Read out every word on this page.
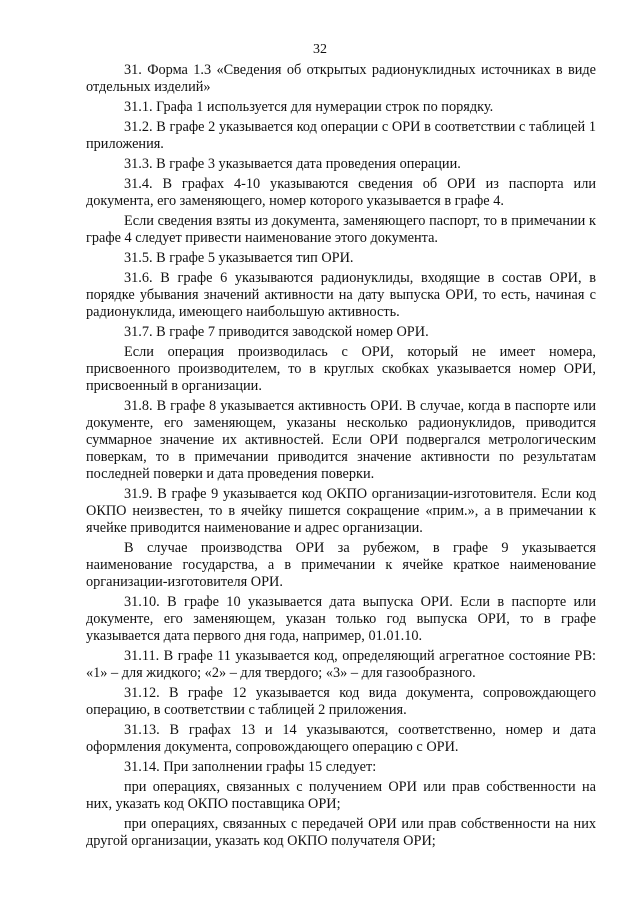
32

31. Форма 1.3 «Сведения об открытых радионуклидных источниках в виде отдельных изделий»

31.1. Графа 1 используется для нумерации строк по порядку.

31.2. В графе 2 указывается код операции с ОРИ в соответствии с таблицей 1 приложения.

31.3. В графе 3 указывается дата проведения операции.

31.4. В графах 4-10 указываются сведения об ОРИ из паспорта или документа, его заменяющего, номер которого указывается в графе 4.

Если сведения взяты из документа, заменяющего паспорт, то в примечании к графе 4 следует привести наименование этого документа.

31.5. В графе 5 указывается тип ОРИ.

31.6. В графе 6 указываются радионуклиды, входящие в состав ОРИ, в порядке убывания значений активности на дату выпуска ОРИ, то есть, начиная с радионуклида, имеющего наибольшую активность.

31.7. В графе 7 приводится заводской номер ОРИ.

Если операция производилась с ОРИ, который не имеет номера, присвоенного производителем, то в круглых скобках указывается номер ОРИ, присвоенный в организации.

31.8. В графе 8 указывается активность ОРИ. В случае, когда в паспорте или документе, его заменяющем, указаны несколько радионуклидов, приводится суммарное значение их активностей. Если ОРИ подвергался метрологическим поверкам, то в примечании приводится значение активности по результатам последней поверки и дата проведения поверки.

31.9. В графе 9 указывается код ОКПО организации-изготовителя. Если код ОКПО неизвестен, то в ячейку пишется сокращение «прим.», а в примечании к ячейке приводится наименование и адрес организации.

В случае производства ОРИ за рубежом, в графе 9 указывается наименование государства, а в примечании к ячейке краткое наименование организации-изготовителя ОРИ.

31.10. В графе 10 указывается дата выпуска ОРИ. Если в паспорте или документе, его заменяющем, указан только год выпуска ОРИ, то в графе указывается дата первого дня года, например, 01.01.10.

31.11. В графе 11 указывается код, определяющий агрегатное состояние РВ: «1» – для жидкого; «2» – для твердого; «3» – для газообразного.

31.12. В графе 12 указывается код вида документа, сопровождающего операцию, в соответствии с таблицей 2 приложения.

31.13. В графах 13 и 14 указываются, соответственно, номер и дата оформления документа, сопровождающего операцию с ОРИ.

31.14. При заполнении графы 15 следует:

при операциях, связанных с получением ОРИ или прав собственности на них, указать код ОКПО поставщика ОРИ;

при операциях, связанных с передачей ОРИ или прав собственности на них другой организации, указать код ОКПО получателя ОРИ;
